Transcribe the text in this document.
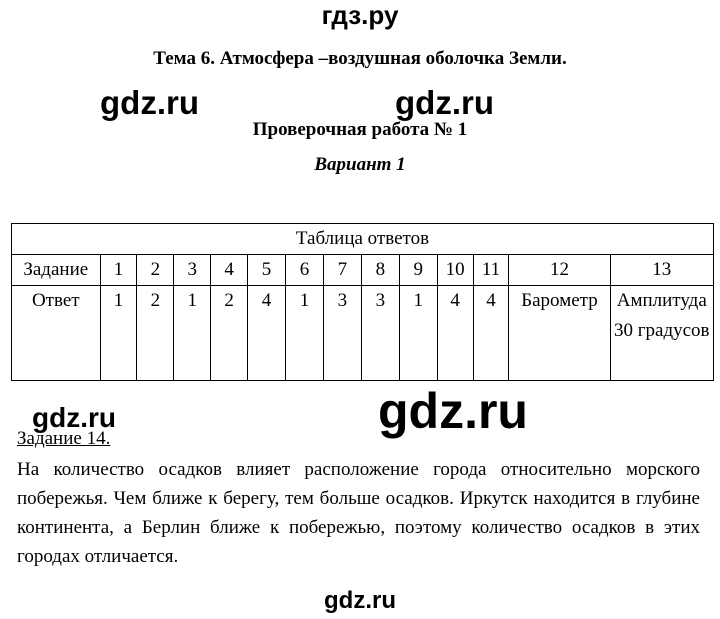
гдз.ру
Тема 6. Атмосфера –воздушная оболочка Земли.
gdz.ru	gdz.ru
Проверочная работа № 1
Вариант 1
Таблица ответов													
Задание	1	2	3	4	5	6	7	8	9	10	11	12	13
Ответ	1	2	1	2	4	1	3	3	1	4	4	Барометр	Амплитуда 30 градусов
gdz.ru	gdz.ru
Задание 14.
На количество осадков влияет расположение города относительно морского побережья. Чем ближе к берегу, тем больше осадков. Иркутск находится в глубине континента, а Берлин ближе к побережью, поэтому количество осадков в этих городах отличается.
gdz.ru
